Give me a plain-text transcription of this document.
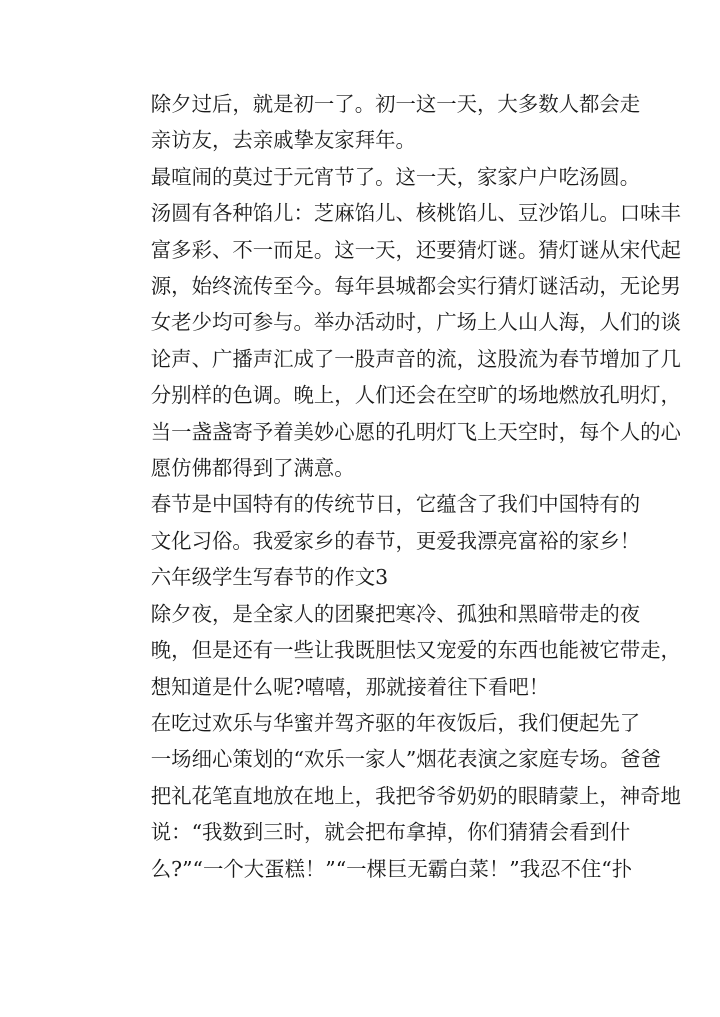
除夕过后，就是初一了。初一这一天，大多数人都会走
亲访友，去亲戚挚友家拜年。

最喧闹的莫过于元宵节了。这一天，家家户户吃汤圆。
汤圆有各种馅儿：芝麻馅儿、核桃馅儿、豆沙馅儿。口味丰
富多彩、不一而足。这一天，还要猜灯谜。猜灯谜从宋代起
源，始终流传至今。每年县城都会实行猜灯谜活动，无论男
女老少均可参与。举办活动时，广场上人山人海，人们的谈
论声、广播声汇成了一股声音的流，这股流为春节增加了几
分别样的色调。晚上，人们还会在空旷的场地燃放孔明灯，
当一盏盏寄予着美妙心愿的孔明灯飞上天空时，每个人的心
愿仿佛都得到了满意。

春节是中国特有的传统节日，它蕴含了我们中国特有的
文化习俗。我爱家乡的春节，更爱我漂亮富裕的家乡！

六年级学生写春节的作文3

除夕夜，是全家人的团聚把寒冷、孤独和黑暗带走的夜
晚，但是还有一些让我既胆怯又宠爱的东西也能被它带走，
想知道是什么呢?嘻嘻，那就接着往下看吧！

在吃过欢乐与华蜜并驾齐驱的年夜饭后，我们便起先了
一场细心策划的“欢乐一家人”烟花表演之家庭专场。爸爸
把礼花笔直地放在地上，我把爷爷奶奶的眼睛蒙上，神奇地
说：“我数到三时，就会把布拿掉，你们猜猜会看到什
么?”“一个大蛋糕！”“一棵巨无霸白菜！”我忍不住“扑
